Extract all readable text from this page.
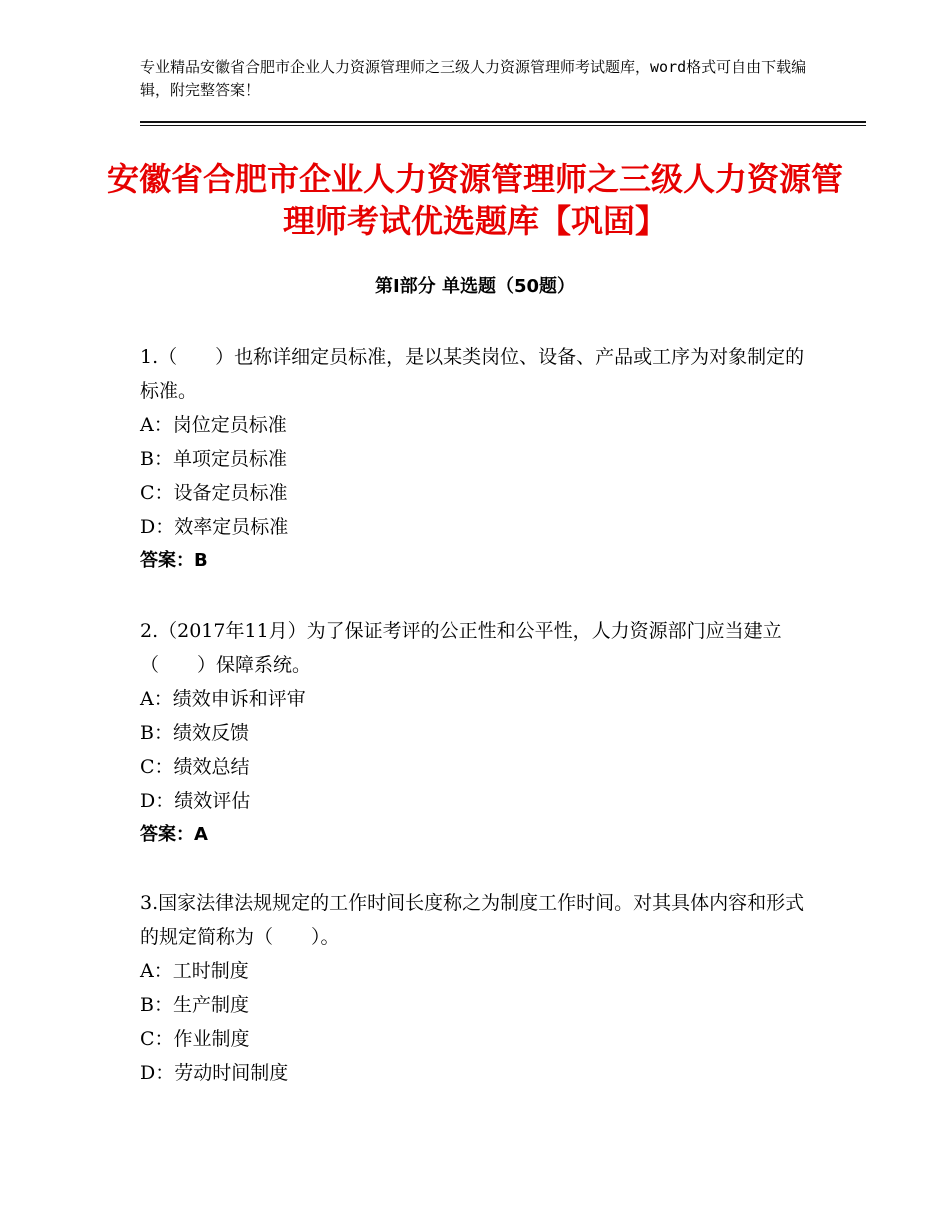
专业精品安徽省合肥市企业人力资源管理师之三级人力资源管理师考试题库，word格式可自由下载编辑，附完整答案！
安徽省合肥市企业人力资源管理师之三级人力资源管理师考试优选题库【巩固】
第Ⅰ部分 单选题（50题）

1.（　　）也称详细定员标准，是以某类岗位、设备、产品或工序为对象制定的标准。

A：岗位定员标准

B：单项定员标准

C：设备定员标准

D：效率定员标准

答案：B

2.（2017年11月）为了保证考评的公正性和公平性，人力资源部门应当建立（　　）保障系统。

A：绩效申诉和评审

B：绩效反馈

C：绩效总结

D：绩效评估

答案：A

3.国家法律法规规定的工作时间长度称之为制度工作时间。对其具体内容和形式的规定简称为（　　）。

A：工时制度

B：生产制度

C：作业制度

D：劳动时间制度
